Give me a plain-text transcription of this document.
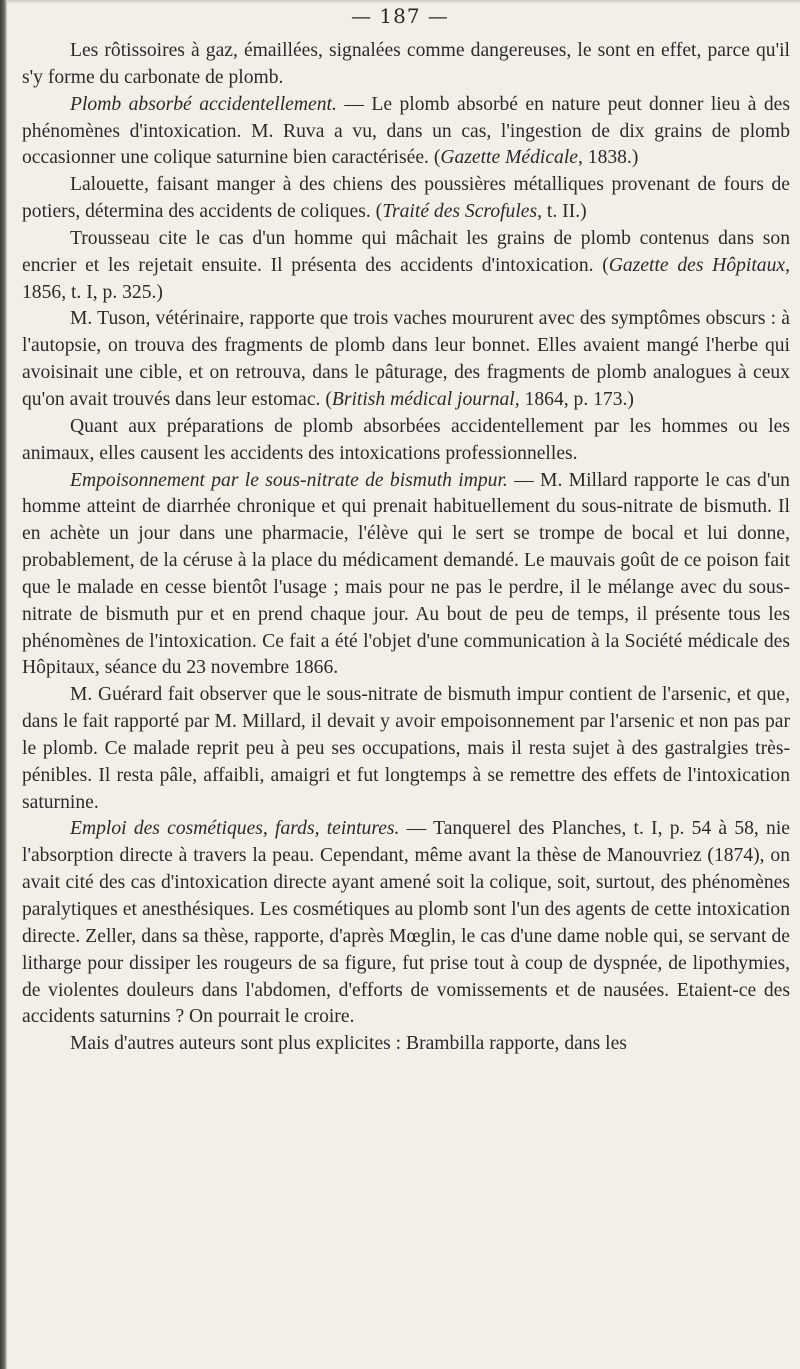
— 187 —

Les rôtissoires à gaz, émaillées, signalées comme dangereuses, le sont en effet, parce qu'il s'y forme du carbonate de plomb.

Plomb absorbé accidentellement. — Le plomb absorbé en nature peut donner lieu à des phénomènes d'intoxication. M. Ruva a vu, dans un cas, l'ingestion de dix grains de plomb occasionner une colique saturnine bien caractérisée. (Gazette Médicale, 1838.)

Lalouette, faisant manger à des chiens des poussières métalliques provenant de fours de potiers, détermina des accidents de coliques. (Traité des Scrofules, t. II.)

Trousseau cite le cas d'un homme qui mâchait les grains de plomb contenus dans son encrier et les rejetait ensuite. Il présenta des accidents d'intoxication. (Gazette des Hôpitaux, 1856, t. I, p. 325.)

M. Tuson, vétérinaire, rapporte que trois vaches moururent avec des symptômes obscurs : à l'autopsie, on trouva des fragments de plomb dans leur bonnet. Elles avaient mangé l'herbe qui avoisinait une cible, et on retrouva, dans le pâturage, des fragments de plomb analogues à ceux qu'on avait trouvés dans leur estomac. (British médical journal, 1864, p. 173.)

Quant aux préparations de plomb absorbées accidentellement par les hommes ou les animaux, elles causent les accidents des intoxications professionnelles.

Empoisonnement par le sous-nitrate de bismuth impur. — M. Millard rapporte le cas d'un homme atteint de diarrhée chronique et qui prenait habituellement du sous-nitrate de bismuth. Il en achète un jour dans une pharmacie, l'élève qui le sert se trompe de bocal et lui donne, probablement, de la céruse à la place du médicament demandé. Le mauvais goût de ce poison fait que le malade en cesse bientôt l'usage ; mais pour ne pas le perdre, il le mélange avec du sous-nitrate de bismuth pur et en prend chaque jour. Au bout de peu de temps, il présente tous les phénomènes de l'intoxication. Ce fait a été l'objet d'une communication à la Société médicale des Hôpitaux, séance du 23 novembre 1866.

M. Guérard fait observer que le sous-nitrate de bismuth impur contient de l'arsenic, et que, dans le fait rapporté par M. Millard, il devait y avoir empoisonnement par l'arsenic et non pas par le plomb. Ce malade reprit peu à peu ses occupations, mais il resta sujet à des gastralgies très-pénibles. Il resta pâle, affaibli, amaigri et fut longtemps à se remettre des effets de l'intoxication saturnine.

Emploi des cosmétiques, fards, teintures. — Tanquerel des Planches, t. I, p. 54 à 58, nie l'absorption directe à travers la peau. Cependant, même avant la thèse de Manouvriez (1874), on avait cité des cas d'intoxication directe ayant amené soit la colique, soit, surtout, des phénomènes paralytiques et anesthésiques. Les cosmétiques au plomb sont l'un des agents de cette intoxication directe. Zeller, dans sa thèse, rapporte, d'après Mœglin, le cas d'une dame noble qui, se servant de litharge pour dissiper les rougeurs de sa figure, fut prise tout à coup de dyspnée, de lipothymies, de violentes douleurs dans l'abdomen, d'efforts de vomissements et de nausées. Etaient-ce des accidents saturnins ? On pourrait le croire.

Mais d'autres auteurs sont plus explicites : Brambilla rapporte, dans les
